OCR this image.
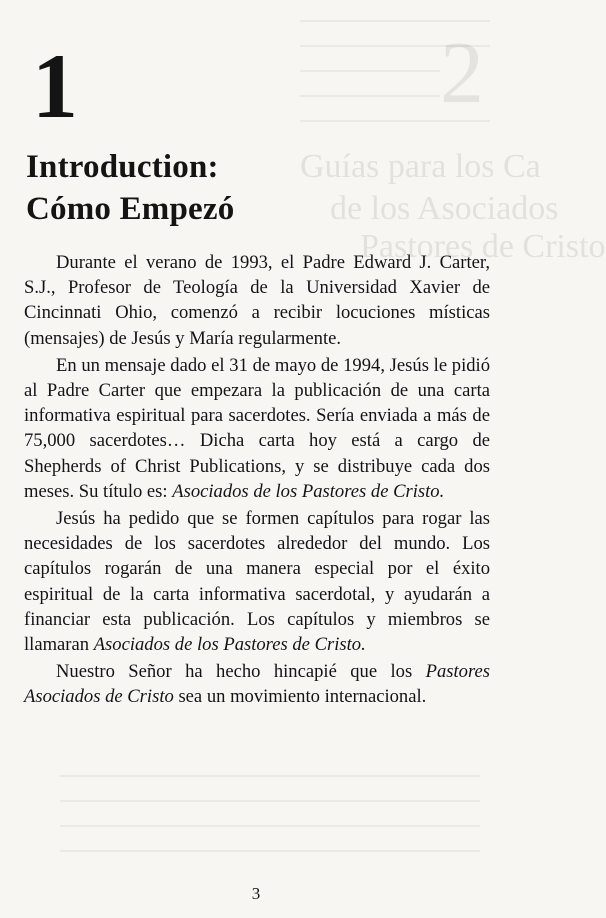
2
Guías para los Ca
de los Asociados
Pastores de Cristo
1
Introduction:
Cómo Empezó

Durante el verano de 1993, el Padre Edward J. Carter, S.J., Profesor de Teología de la Universidad Xavier de Cincinnati Ohio, comenzó a recibir locuciones místicas (mensajes) de Jesús y María regularmente.

En un mensaje dado el 31 de mayo de 1994, Jesús le pidió al Padre Carter que empezara la publicación de una carta informativa espiritual para sacerdotes. Sería enviada a más de 75,000 sacerdotes… Dicha carta hoy está a cargo de Shepherds of Christ Publications, y se distribuye cada dos meses. Su título es: Asociados de los Pastores de Cristo.

Jesús ha pedido que se formen capítulos para rogar las necesidades de los sacerdotes alrededor del mundo. Los capítulos rogarán de una manera especial por el éxito espiritual de la carta informativa sacerdotal, y ayudarán a financiar esta publicación. Los capítulos y miembros se llamaran Asociados de los Pastores de Cristo.

Nuestro Señor ha hecho hincapié que los Pastores Asociados de Cristo sea un movimiento internacional.

3
